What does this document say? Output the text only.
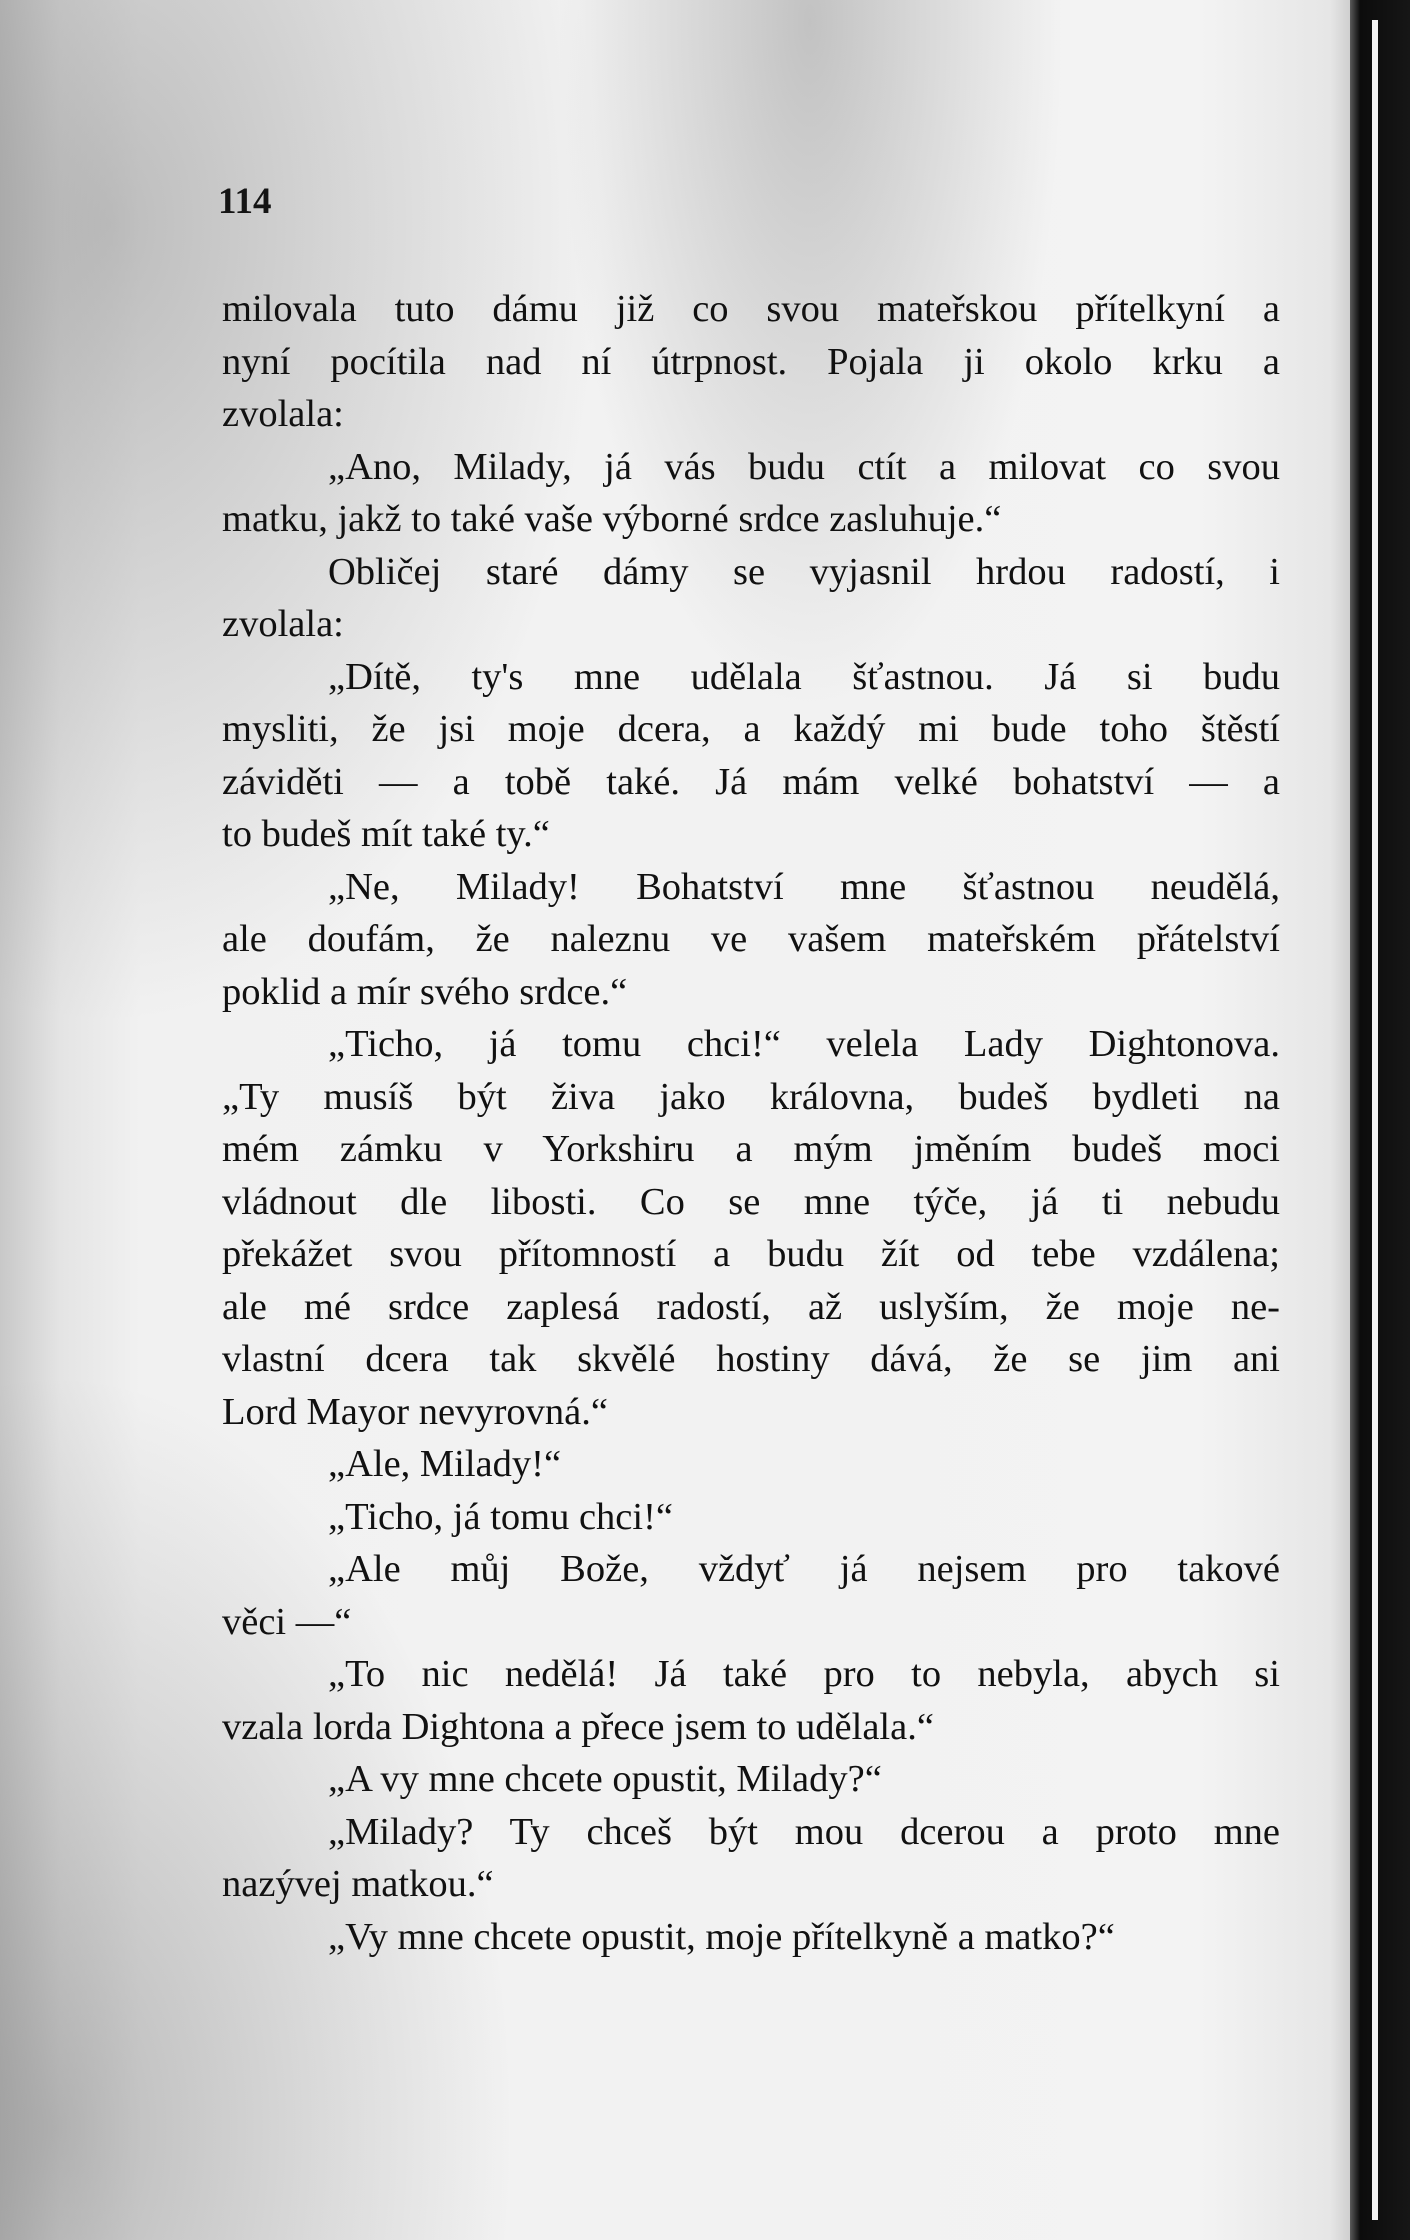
114
milovala tuto dámu již co svou mateřskou přítelkyní a
nyní pocítila nad ní útrpnost. Pojala ji okolo krku a
zvolala:
„Ano, Milady, já vás budu ctít a milovat co svou
matku, jakž to také vaše výborné srdce zasluhuje.“
Obličej staré dámy se vyjasnil hrdou radostí, i
zvolala:
„Dítě, ty's mne udělala šťastnou. Já si budu
mysliti, že jsi moje dcera, a každý mi bude toho štěstí
záviděti — a tobě také. Já mám velké bohatství — a
to budeš mít také ty.“
„Ne, Milady! Bohatství mne šťastnou neudělá,
ale doufám, že naleznu ve vašem mateřském přátelství
poklid a mír svého srdce.“
„Ticho, já tomu chci!“ velela Lady Dightonova.
„Ty musíš být živa jako královna, budeš bydleti na
mém zámku v Yorkshiru a mým jměním budeš moci
vládnout dle libosti. Co se mne týče, já ti nebudu
překážet svou přítomností a budu žít od tebe vzdálena;
ale mé srdce zaplesá radostí, až uslyším, že moje ne-
vlastní dcera tak skvělé hostiny dává, že se jim ani
Lord Mayor nevyrovná.“
„Ale, Milady!“
„Ticho, já tomu chci!“
„Ale můj Bože, vždyť já nejsem pro takové
věci —“
„To nic nedělá! Já také pro to nebyla, abych si
vzala lorda Dightona a přece jsem to udělala.“
„A vy mne chcete opustit, Milady?“
„Milady? Ty chceš být mou dcerou a proto mne
nazývej matkou.“
„Vy mne chcete opustit, moje přítelkyně a matko?“
